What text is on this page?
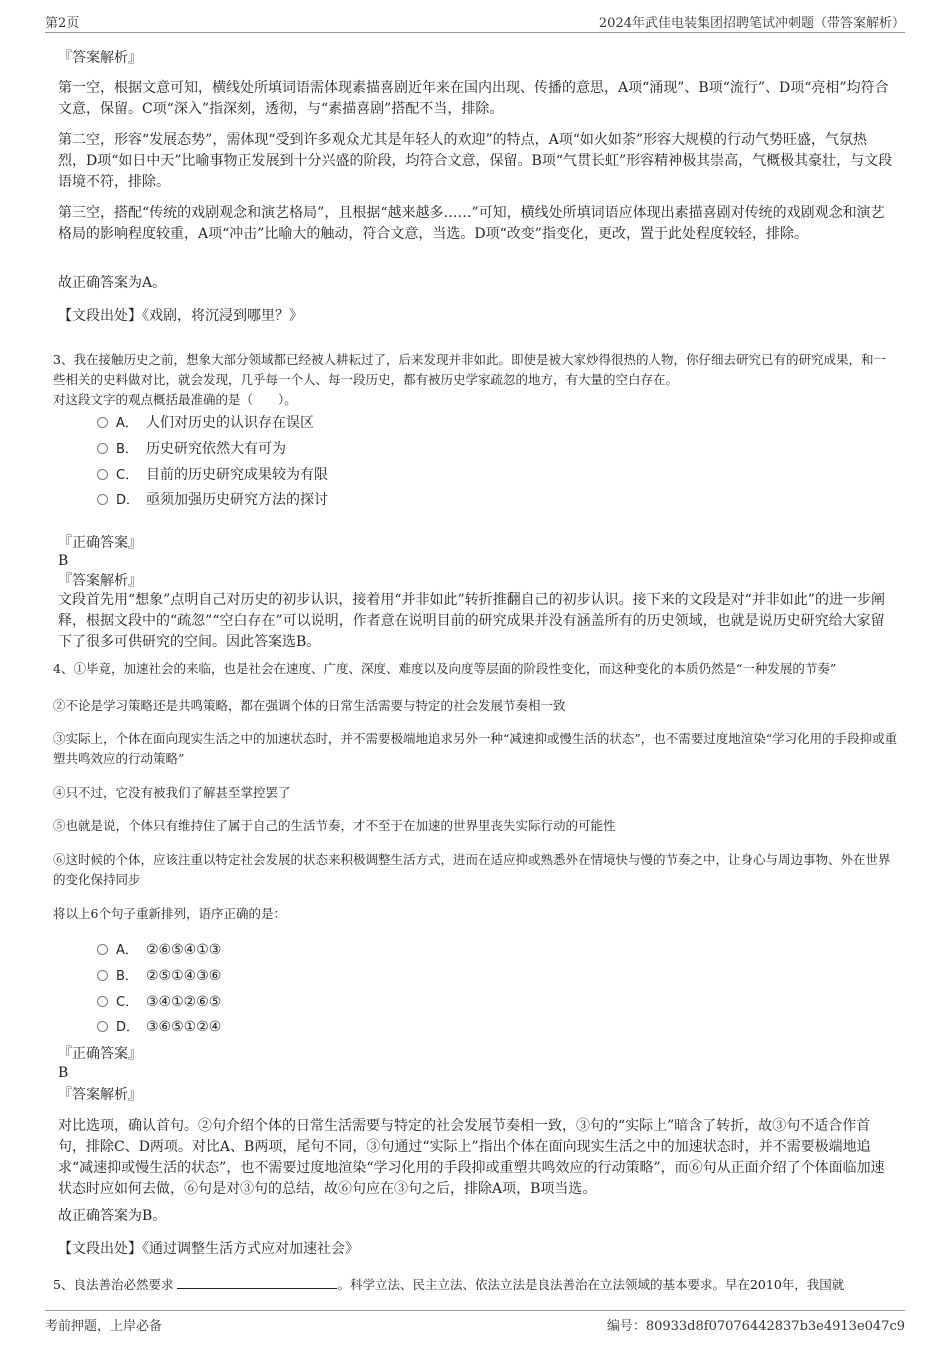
第2页	2024年武佳电装集团招聘笔试冲刺题（带答案解析）
『答案解析』
第一空，根据文意可知，横线处所填词语需体现素描喜剧近年来在国内出现、传播的意思，A项“涌现”、B项“流行”、D项“亮相”均符合文意，保留。C项“深入”指深刻，透彻，与“素描喜剧”搭配不当，排除。
第二空，形容“发展态势”，需体现“受到许多观众尤其是年轻人的欢迎”的特点，A项“如火如荼”形容大规模的行动气势旺盛，气氛热烈，D项“如日中天”比喻事物正发展到十分兴盛的阶段，均符合文意，保留。B项“气贯长虹”形容精神极其崇高，气概极其豪壮，与文段语境不符，排除。
第三空，搭配“传统的戏剧观念和演艺格局”，且根据“越来越多……”可知，横线处所填词语应体现出素描喜剧对传统的戏剧观念和演艺格局的影响程度较重，A项“冲击”比喻大的触动，符合文意，当选。D项“改变”指变化，更改，置于此处程度较轻，排除。
故正确答案为A。
【文段出处】《戏剧，将沉浸到哪里？》
3、我在接触历史之前，想象大部分领域都已经被人耕耘过了，后来发现并非如此。即使是被大家炒得很热的人物，你仔细去研究已有的研究成果，和一些相关的史料做对比，就会发现，几乎每一个人、每一段历史，都有被历史学家疏忽的地方，有大量的空白存在。
对这段文字的观点概括最准确的是（　　）。
A． 人们对历史的认识存在误区
B． 历史研究依然大有可为
C． 目前的历史研究成果较为有限
D． 亟须加强历史研究方法的探讨
『正确答案』
B
『答案解析』
文段首先用“想象”点明自己对历史的初步认识，接着用“并非如此”转折推翻自己的初步认识。接下来的文段是对“并非如此”的进一步阐释，根据文段中的“疏忽”“空白存在”可以说明，作者意在说明目前的研究成果并没有涵盖所有的历史领域，也就是说历史研究给大家留下了很多可供研究的空间。因此答案选B。
4、①毕竟，加速社会的来临，也是社会在速度、广度、深度、难度以及向度等层面的阶段性变化，而这种变化的本质仍然是“一种发展的节奏”
②不论是学习策略还是共鸣策略，都在强调个体的日常生活需要与特定的社会发展节奏相一致
③实际上，个体在面向现实生活之中的加速状态时，并不需要极端地追求另外一种“减速抑或慢生活的状态”，也不需要过度地渲染“学习化用的手段抑或重塑共鸣效应的行动策略”
④只不过，它没有被我们了解甚至掌控罢了
⑤也就是说，个体只有维持住了属于自己的生活节奏，才不至于在加速的世界里丧失实际行动的可能性
⑥这时候的个体，应该注重以特定社会发展的状态来积极调整生活方式，进而在适应抑或熟悉外在情境快与慢的节奏之中，让身心与周边事物、外在世界的变化保持同步
将以上6个句子重新排列，语序正确的是：
A． ②⑥⑤④①③
B． ②⑤①④③⑥
C． ③④①②⑥⑤
D． ③⑥⑤①②④
『正确答案』
B
『答案解析』
对比选项，确认首句。②句介绍个体的日常生活需要与特定的社会发展节奏相一致，③句的“实际上”暗含了转折，故③句不适合作首句，排除C、D两项。对比A、B两项，尾句不同，③句通过“实际上”指出个体在面向现实生活之中的加速状态时，并不需要极端地追求“减速抑或慢生活的状态”，也不需要过度地渲染“学习化用的手段抑或重塑共鸣效应的行动策略”，而⑥句从正面介绍了个体面临加速状态时应如何去做，⑥句是对③句的总结，故⑥句应在③句之后，排除A项，B项当选。
故正确答案为B。
【文段出处】《通过调整生活方式应对加速社会》
5、良法善治必然要求	。科学立法、民主立法、依法立法是良法善治在立法领域的基本要求。早在2010年，我国就
考前押题，上岸必备	编号：80933d8f07076442837b3e4913e047c9
